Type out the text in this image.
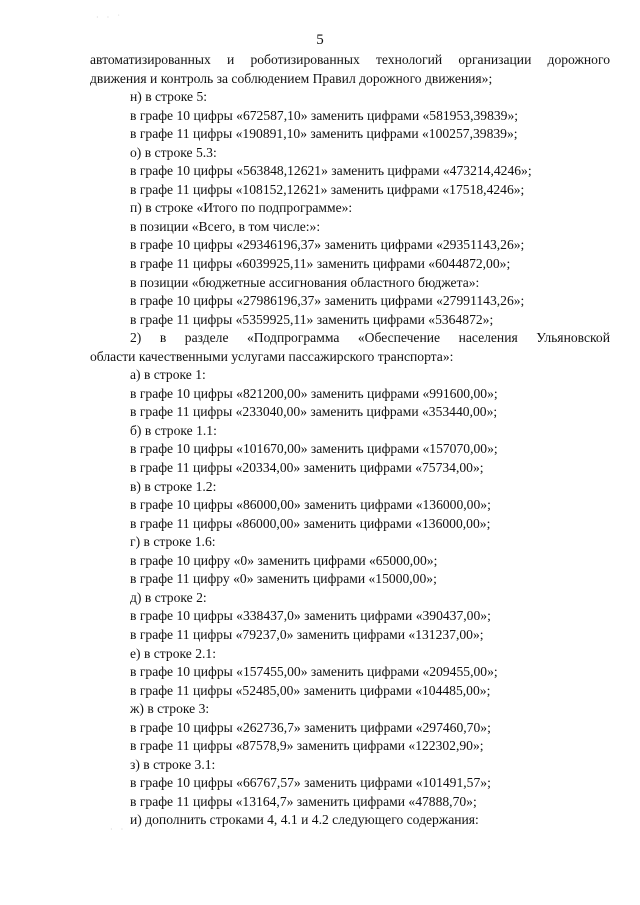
· · ˙
· ·
5
автоматизированных и роботизированных технологий организации дорожного
движения и контроль за соблюдением Правил дорожного движения»;
н) в строке 5:
в графе 10 цифры «672587,10» заменить цифрами «581953,39839»;
в графе 11 цифры «190891,10» заменить цифрами «100257,39839»;
о) в строке 5.3:
в графе 10 цифры «563848,12621» заменить цифрами «473214,4246»;
в графе 11 цифры «108152,12621» заменить цифрами «17518,4246»;
п) в строке «Итого по подпрограмме»:
в позиции «Всего, в том числе:»:
в графе 10 цифры «29346196,37» заменить цифрами «29351143,26»;
в графе 11 цифры «6039925,11» заменить цифрами «6044872,00»;
в позиции «бюджетные ассигнования областного бюджета»:
в графе 10 цифры «27986196,37» заменить цифрами «27991143,26»;
в графе 11 цифры «5359925,11» заменить цифрами «5364872»;
2) в разделе «Подпрограмма «Обеспечение населения Ульяновской
области качественными услугами пассажирского транспорта»:
а) в строке 1:
в графе 10 цифры «821200,00» заменить цифрами «991600,00»;
в графе 11 цифры «233040,00» заменить цифрами «353440,00»;
б) в строке 1.1:
в графе 10 цифры «101670,00» заменить цифрами «157070,00»;
в графе 11 цифры «20334,00» заменить цифрами «75734,00»;
в) в строке 1.2:
в графе 10 цифры «86000,00» заменить цифрами «136000,00»;
в графе 11 цифры «86000,00» заменить цифрами «136000,00»;
г) в строке 1.6:
в графе 10 цифру «0» заменить цифрами «65000,00»;
в графе 11 цифру «0» заменить цифрами «15000,00»;
д) в строке 2:
в графе 10 цифры «338437,0» заменить цифрами «390437,00»;
в графе 11 цифры «79237,0» заменить цифрами «131237,00»;
е) в строке 2.1:
в графе 10 цифры «157455,00» заменить цифрами «209455,00»;
в графе 11 цифры «52485,00» заменить цифрами «104485,00»;
ж) в строке 3:
в графе 10 цифры «262736,7» заменить цифрами «297460,70»;
в графе 11 цифры «87578,9» заменить цифрами «122302,90»;
з) в строке 3.1:
в графе 10 цифры «66767,57» заменить цифрами «101491,57»;
в графе 11 цифры «13164,7» заменить цифрами «47888,70»;
и) дополнить строками 4, 4.1 и 4.2 следующего содержания:
